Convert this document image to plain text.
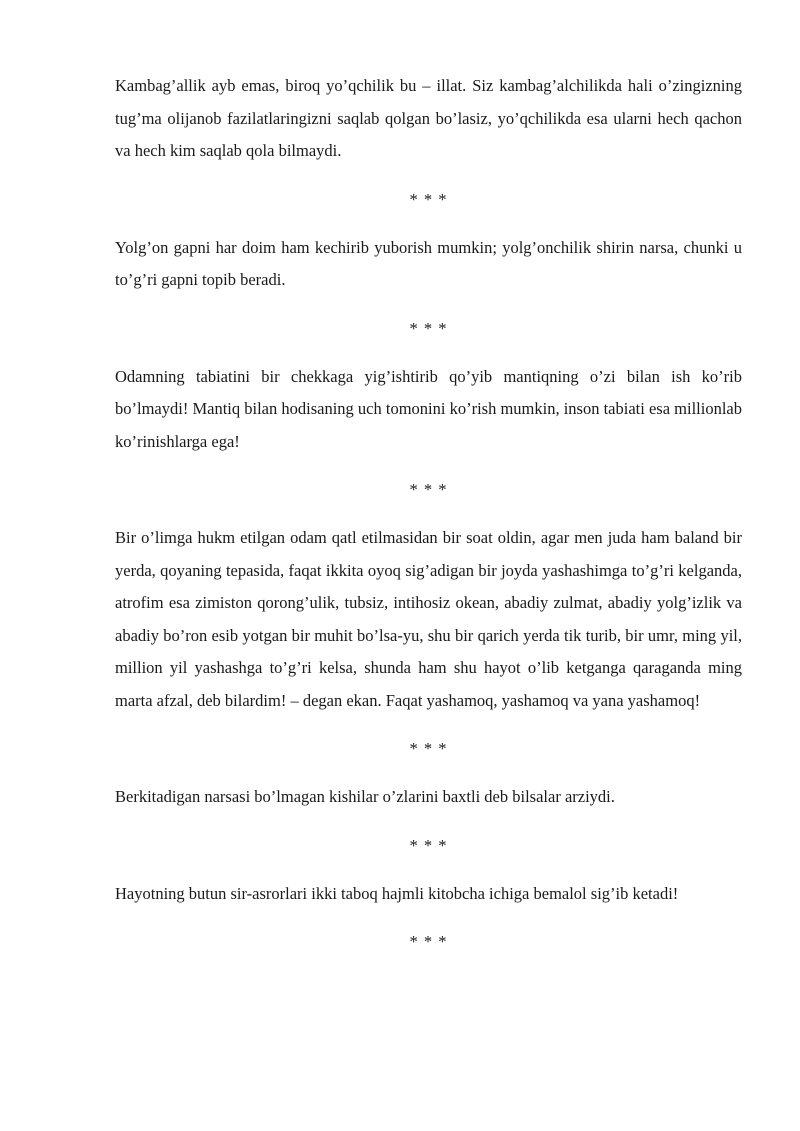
Kambag’allik ayb emas, biroq yo’qchilik bu – illat. Siz kambag’alchilikda hali o’zingizning tug’ma olijanob fazilatlaringizni saqlab qolgan bo’lasiz, yo’qchilikda esa ularni hech qachon va hech kim saqlab qola bilmaydi.

* * *

Yolg’on gapni har doim ham kechirib yuborish mumkin; yolg’onchilik shirin narsa, chunki u to’g’ri gapni topib beradi.

* * *

Odamning tabiatini bir chekkaga yig’ishtirib qo’yib mantiqning o’zi bilan ish ko’rib bo’lmaydi! Mantiq bilan hodisaning uch tomonini ko’rish mumkin, inson tabiati esa millionlab ko’rinishlarga ega!

* * *

Bir o’limga hukm etilgan odam qatl etilmasidan bir soat oldin, agar men juda ham baland bir yerda, qoyaning tepasida, faqat ikkita oyoq sig’adigan bir joyda yashashimga to’g’ri kelganda, atrofim esa zimiston qorong’ulik, tubsiz, intihosiz okean, abadiy zulmat, abadiy yolg’izlik va abadiy bo’ron esib yotgan bir muhit bo’lsa-yu, shu bir qarich yerda tik turib, bir umr, ming yil, million yil yashashga to’g’ri kelsa, shunda ham shu hayot o’lib ketganga qaraganda ming marta afzal, deb bilardim! – degan ekan. Faqat yashamoq, yashamoq va yana yashamoq!

* * *

Berkitadigan narsasi bo’lmagan kishilar o’zlarini baxtli deb bilsalar arziydi.

* * *

Hayotning butun sir-asrorlari ikki taboq hajmli kitobcha ichiga bemalol sig’ib ketadi!

* * *
